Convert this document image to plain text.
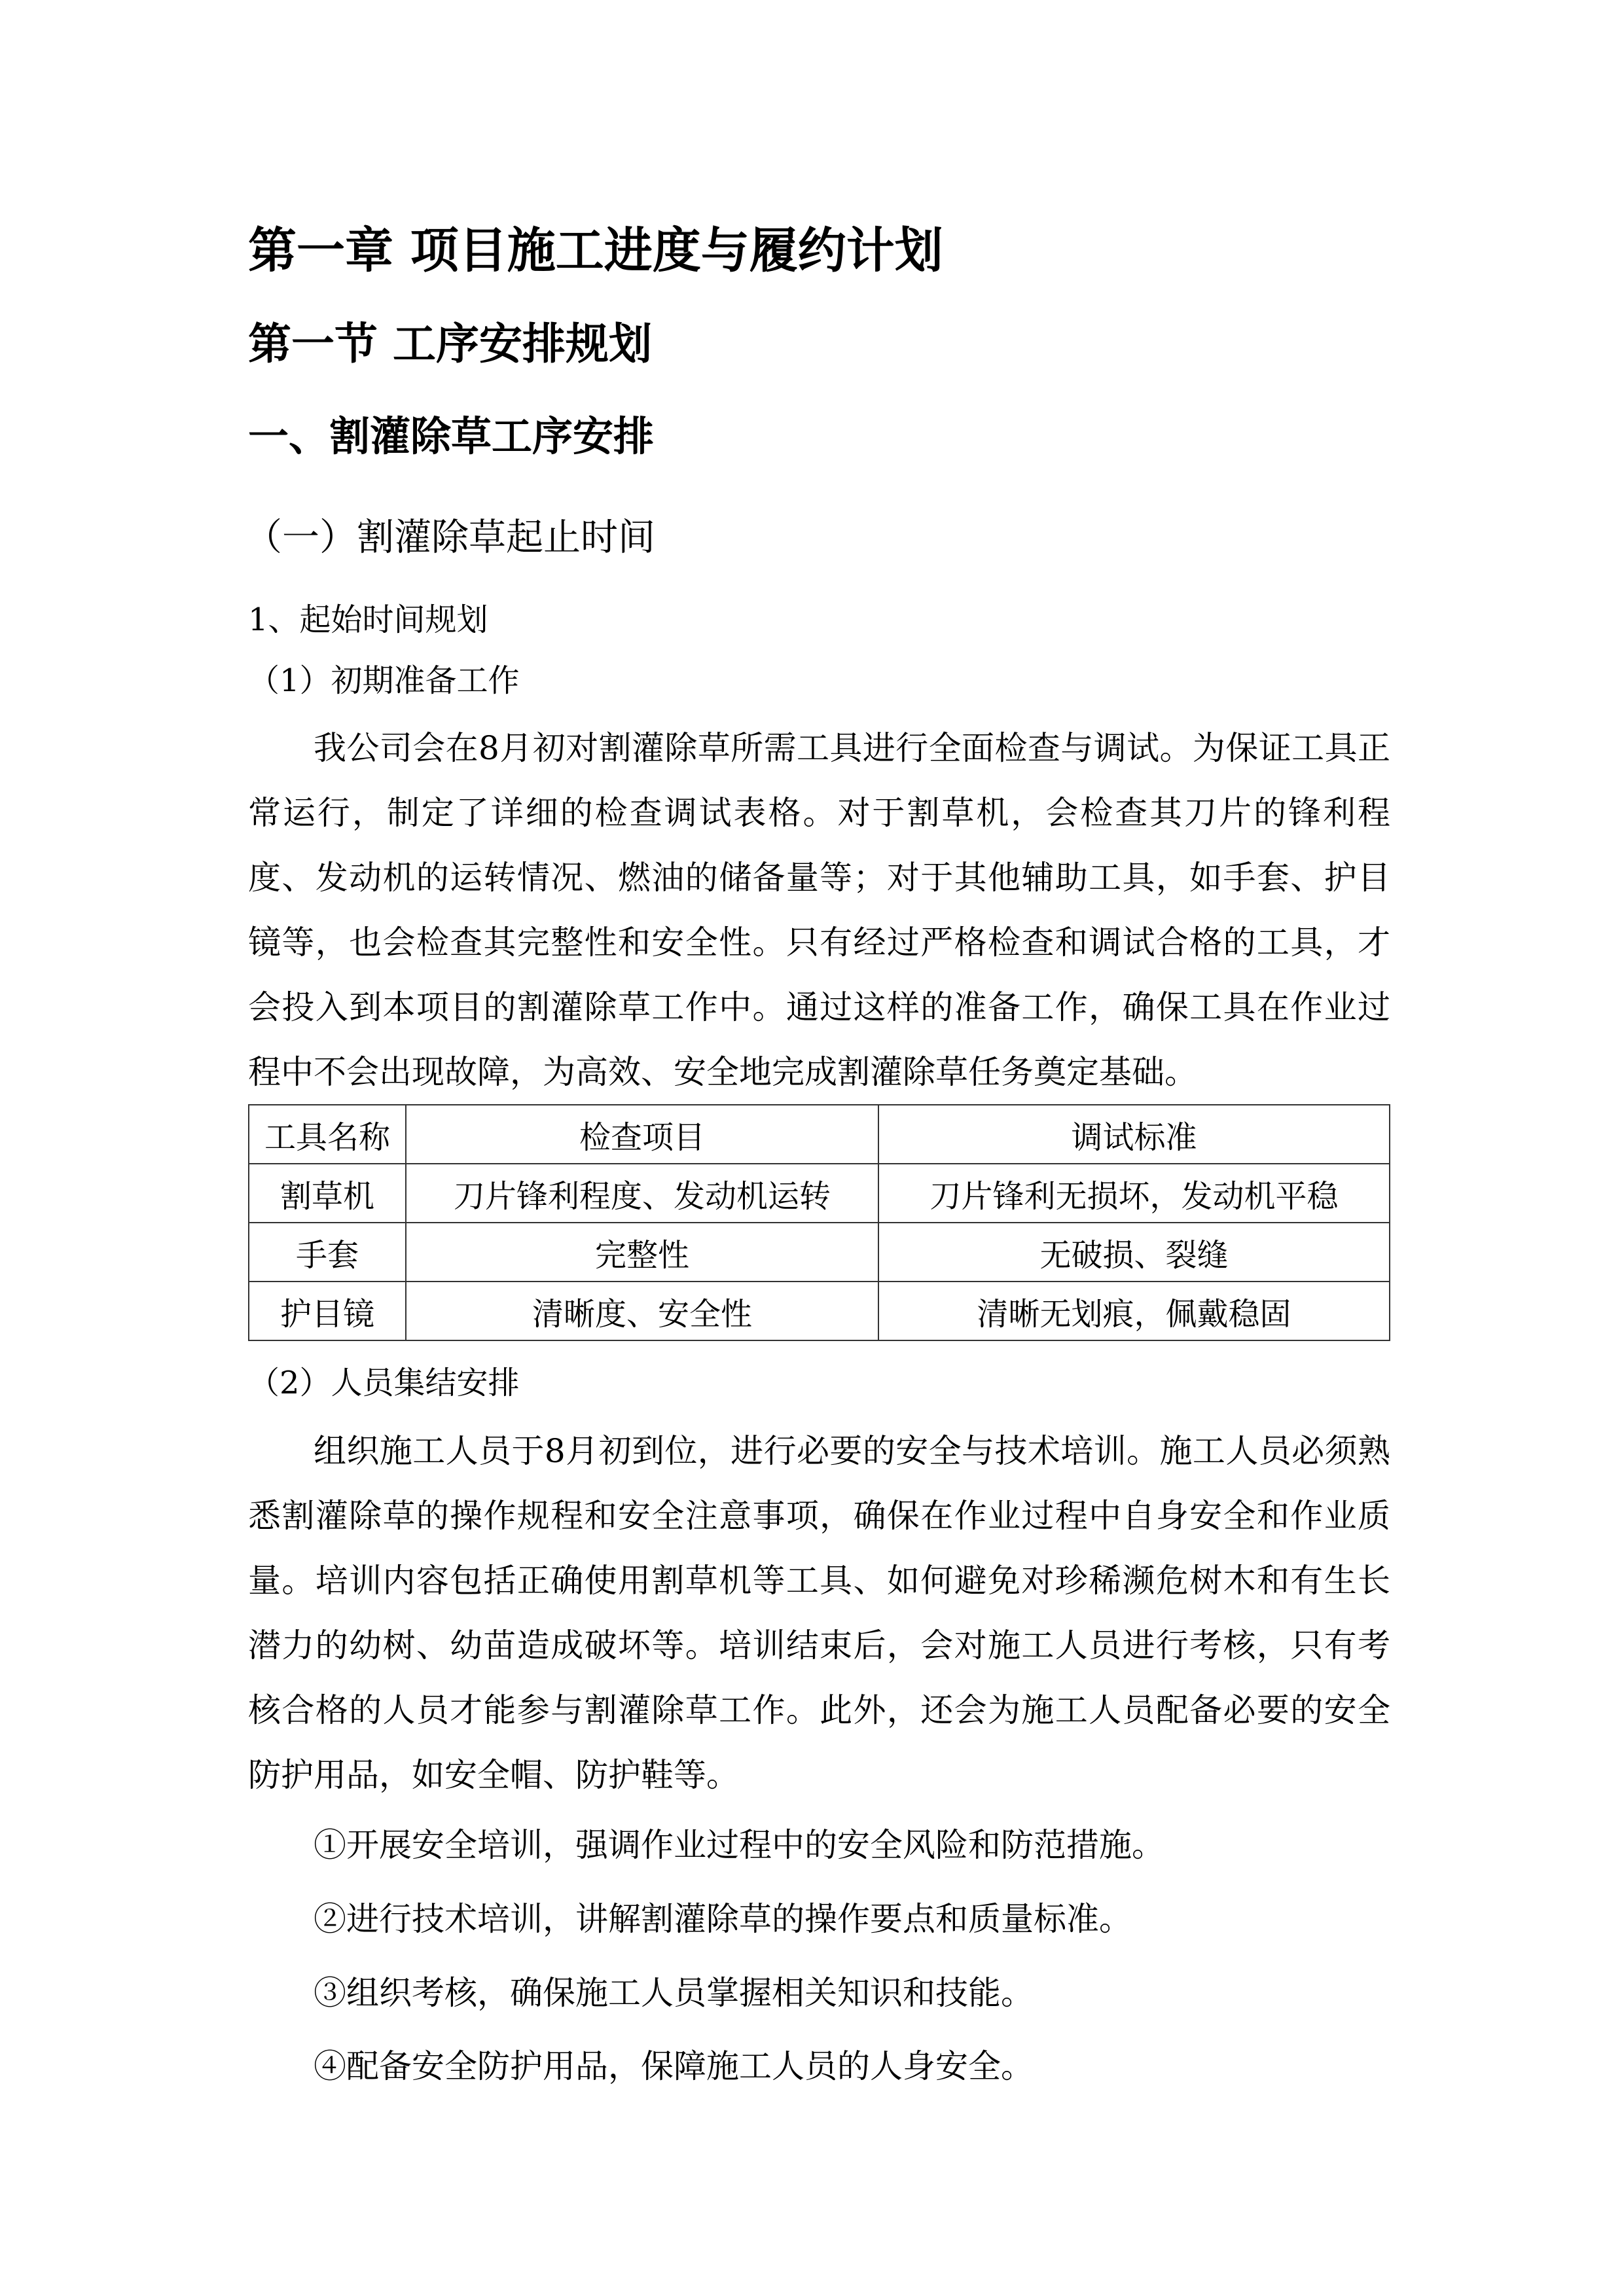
第一章 项目施工进度与履约计划
第一节 工序安排规划
一、割灌除草工序安排
（一）割灌除草起止时间
1、起始时间规划
（1）初期准备工作

我公司会在8月初对割灌除草所需工具进行全面检查与调试。为保证工具正常运行，制定了详细的检查调试表格。对于割草机，会检查其刀片的锋利程度、发动机的运转情况、燃油的储备量等；对于其他辅助工具，如手套、护目镜等，也会检查其完整性和安全性。只有经过严格检查和调试合格的工具，才会投入到本项目的割灌除草工作中。通过这样的准备工作，确保工具在作业过程中不会出现故障，为高效、安全地完成割灌除草任务奠定基础。

工具名称	检查项目	调试标准
割草机	刀片锋利程度、发动机运转	刀片锋利无损坏，发动机平稳
手套	完整性	无破损、裂缝
护目镜	清晰度、安全性	清晰无划痕，佩戴稳固
（2）人员集结安排

组织施工人员于8月初到位，进行必要的安全与技术培训。施工人员必须熟悉割灌除草的操作规程和安全注意事项，确保在作业过程中自身安全和作业质量。培训内容包括正确使用割草机等工具、如何避免对珍稀濒危树木和有生长潜力的幼树、幼苗造成破坏等。培训结束后，会对施工人员进行考核，只有考核合格的人员才能参与割灌除草工作。此外，还会为施工人员配备必要的安全防护用品，如安全帽、防护鞋等。

①开展安全培训，强调作业过程中的安全风险和防范措施。
②进行技术培训，讲解割灌除草的操作要点和质量标准。
③组织考核，确保施工人员掌握相关知识和技能。
④配备安全防护用品，保障施工人员的人身安全。
